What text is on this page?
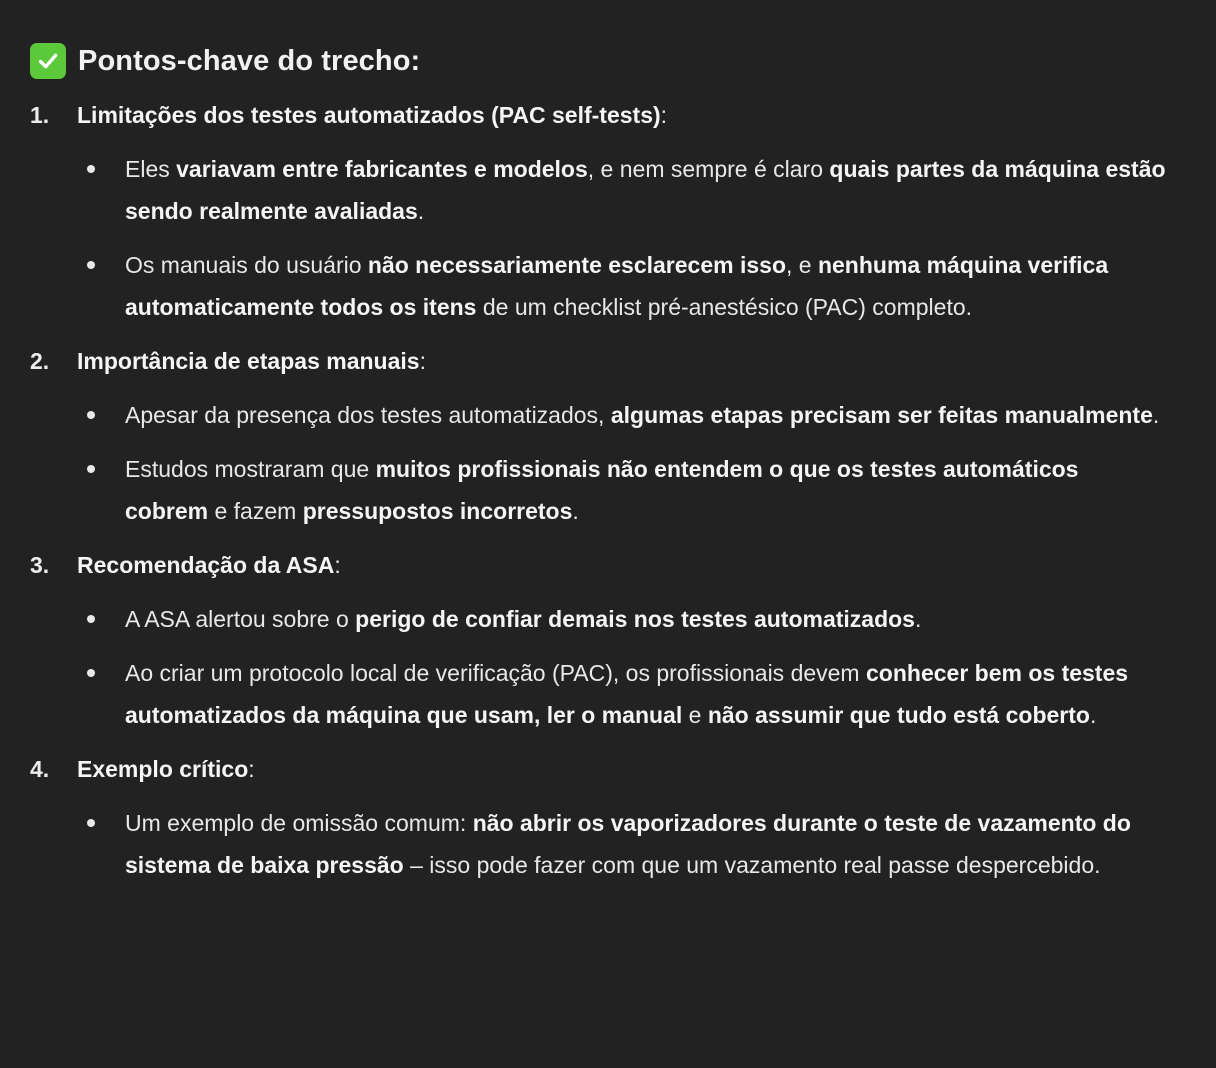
Pontos-chave do trecho:
1.	Limitações dos testes automatizados (PAC self-tests):
Eles variavam entre fabricantes e modelos, e nem sempre é claro quais partes da máquina estão sendo realmente avaliadas.
Os manuais do usuário não necessariamente esclarecem isso, e nenhuma máquina verifica automaticamente todos os itens de um checklist pré-anestésico (PAC) completo.
2.	Importância de etapas manuais:
Apesar da presença dos testes automatizados, algumas etapas precisam ser feitas manualmente.
Estudos mostraram que muitos profissionais não entendem o que os testes automáticos cobrem e fazem pressupostos incorretos.
3.	Recomendação da ASA:
A ASA alertou sobre o perigo de confiar demais nos testes automatizados.
Ao criar um protocolo local de verificação (PAC), os profissionais devem conhecer bem os testes automatizados da máquina que usam, ler o manual e não assumir que tudo está coberto.
4.	Exemplo crítico:
Um exemplo de omissão comum: não abrir os vaporizadores durante o teste de vazamento do sistema de baixa pressão – isso pode fazer com que um vazamento real passe despercebido.
